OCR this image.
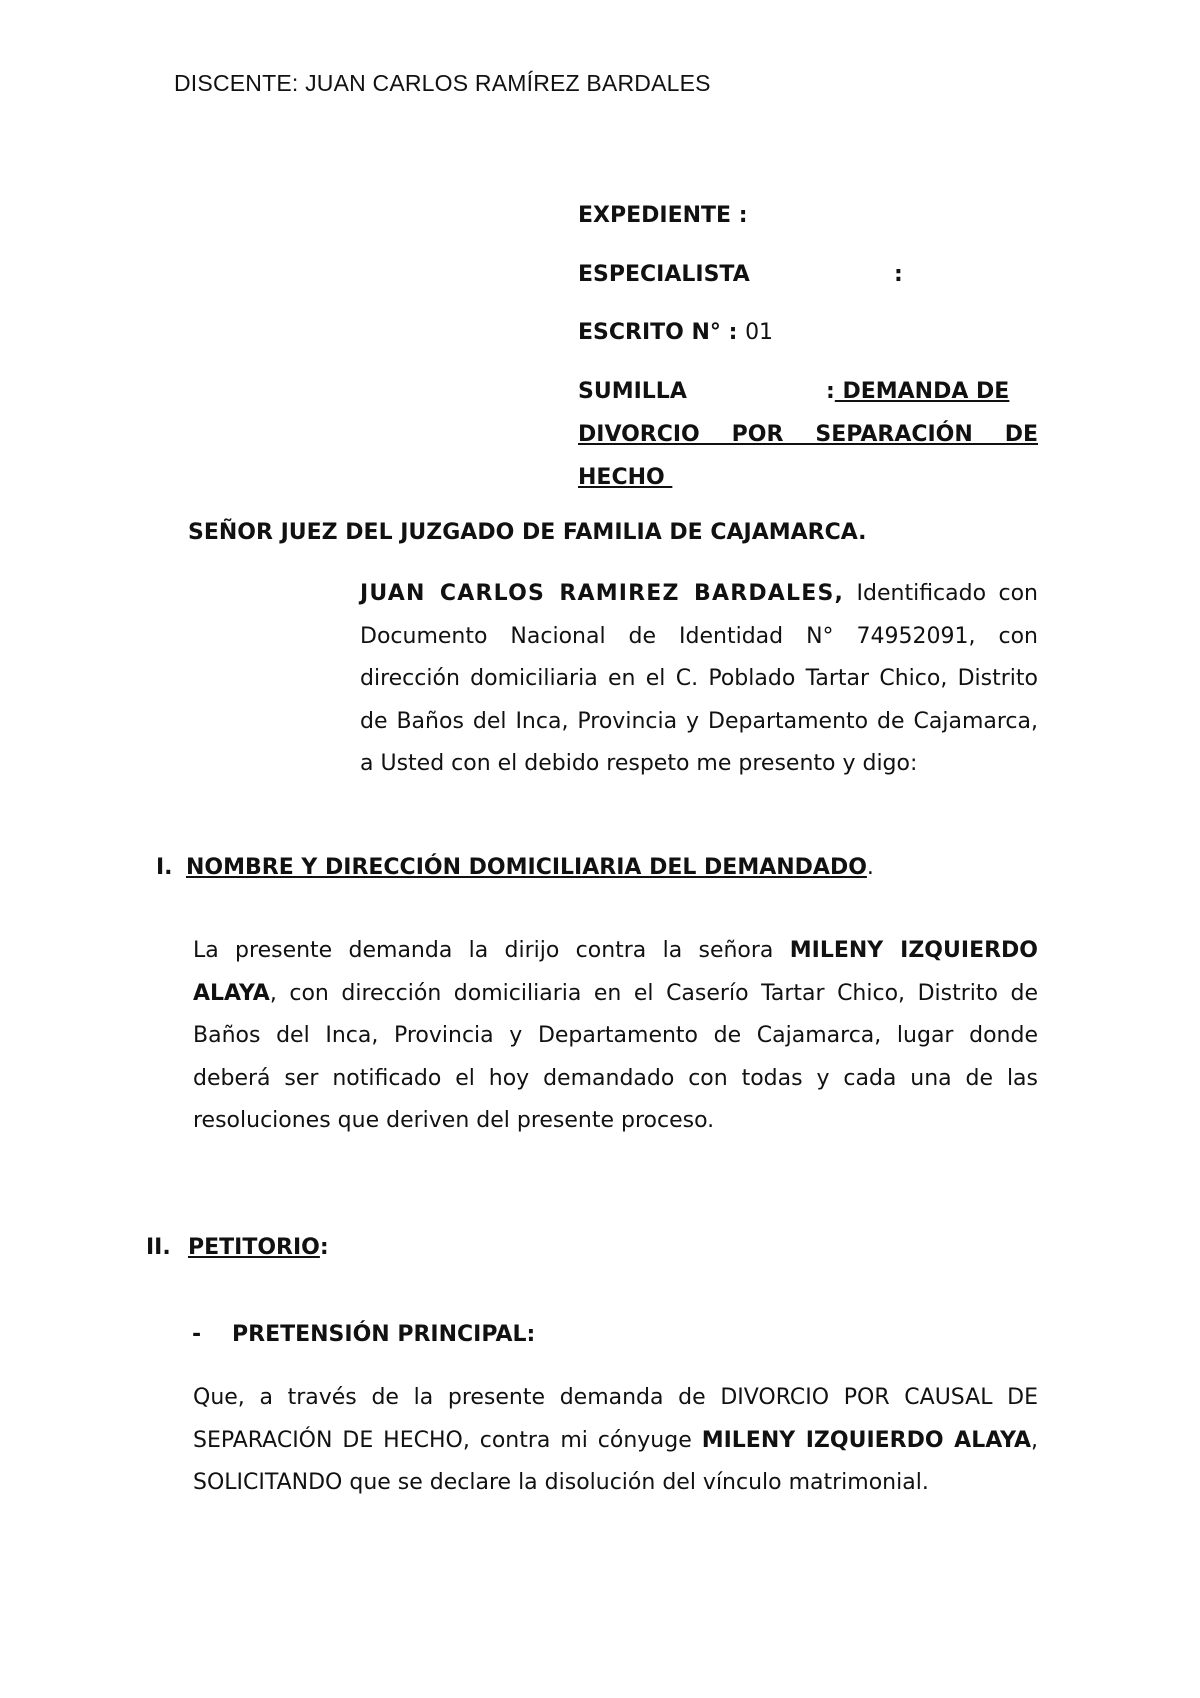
DISCENTE: JUAN CARLOS RAMÍREZ BARDALES
EXPEDIENTE :
ESPECIALISTA	:
ESCRITO N° : 01
SUMILLA	: DEMANDA DE
DIVORCIO POR SEPARACIÓN DE
HECHO
SEÑOR JUEZ DEL JUZGADO DE FAMILIA DE CAJAMARCA.
JUAN CARLOS RAMIREZ BARDALES, Identificado con Documento Nacional de Identidad N° 74952091, con dirección domiciliaria en el C. Poblado Tartar Chico, Distrito de Baños del Inca, Provincia y Departamento de Cajamarca, a Usted con el debido respeto me presento y digo:
I. NOMBRE Y DIRECCIÓN DOMICILIARIA DEL DEMANDADO.
La presente demanda la dirijo contra la señora MILENY IZQUIERDO ALAYA, con dirección domiciliaria en el Caserío Tartar Chico, Distrito de Baños del Inca, Provincia y Departamento de Cajamarca, lugar donde deberá ser notificado el hoy demandado con todas y cada una de las resoluciones que deriven del presente proceso.
II. PETITORIO:
- PRETENSIÓN PRINCIPAL:
Que, a través de la presente demanda de DIVORCIO POR CAUSAL DE SEPARACIÓN DE HECHO, contra mi cónyuge MILENY IZQUIERDO ALAYA, SOLICITANDO que se declare la disolución del vínculo matrimonial.
